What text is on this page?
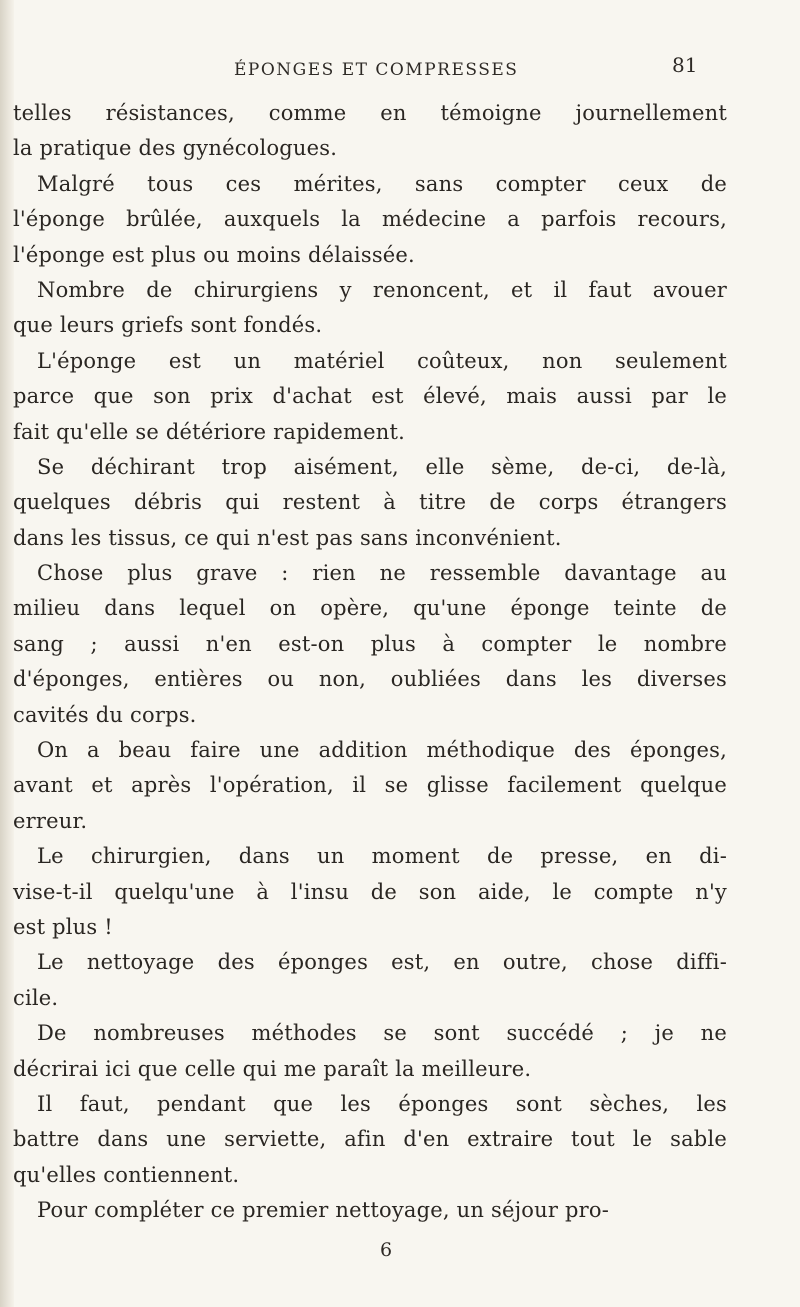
ÉPONGES ET COMPRESSES	81
telles résistances, comme en témoigne journellement
la pratique des gynécologues.
Malgré tous ces mérites, sans compter ceux de
l'éponge brûlée, auxquels la médecine a parfois recours,
l'éponge est plus ou moins délaissée.
Nombre de chirurgiens y renoncent, et il faut avouer
que leurs griefs sont fondés.
L'éponge est un matériel coûteux, non seulement
parce que son prix d'achat est élevé, mais aussi par le
fait qu'elle se détériore rapidement.
Se déchirant trop aisément, elle sème, de-ci, de-là,
quelques débris qui restent à titre de corps étrangers
dans les tissus, ce qui n'est pas sans inconvénient.
Chose plus grave : rien ne ressemble davantage au
milieu dans lequel on opère, qu'une éponge teinte de
sang ; aussi n'en est-on plus à compter le nombre
d'éponges, entières ou non, oubliées dans les diverses
cavités du corps.
On a beau faire une addition méthodique des éponges,
avant et après l'opération, il se glisse facilement quelque
erreur.
Le chirurgien, dans un moment de presse, en di-
vise-t-il quelqu'une à l'insu de son aide, le compte n'y
est plus !
Le nettoyage des éponges est, en outre, chose diffi-
cile.
De nombreuses méthodes se sont succédé ; je ne
décrirai ici que celle qui me paraît la meilleure.
Il faut, pendant que les éponges sont sèches, les
battre dans une serviette, afin d'en extraire tout le sable
qu'elles contiennent.
Pour compléter ce premier nettoyage, un séjour pro-
6
